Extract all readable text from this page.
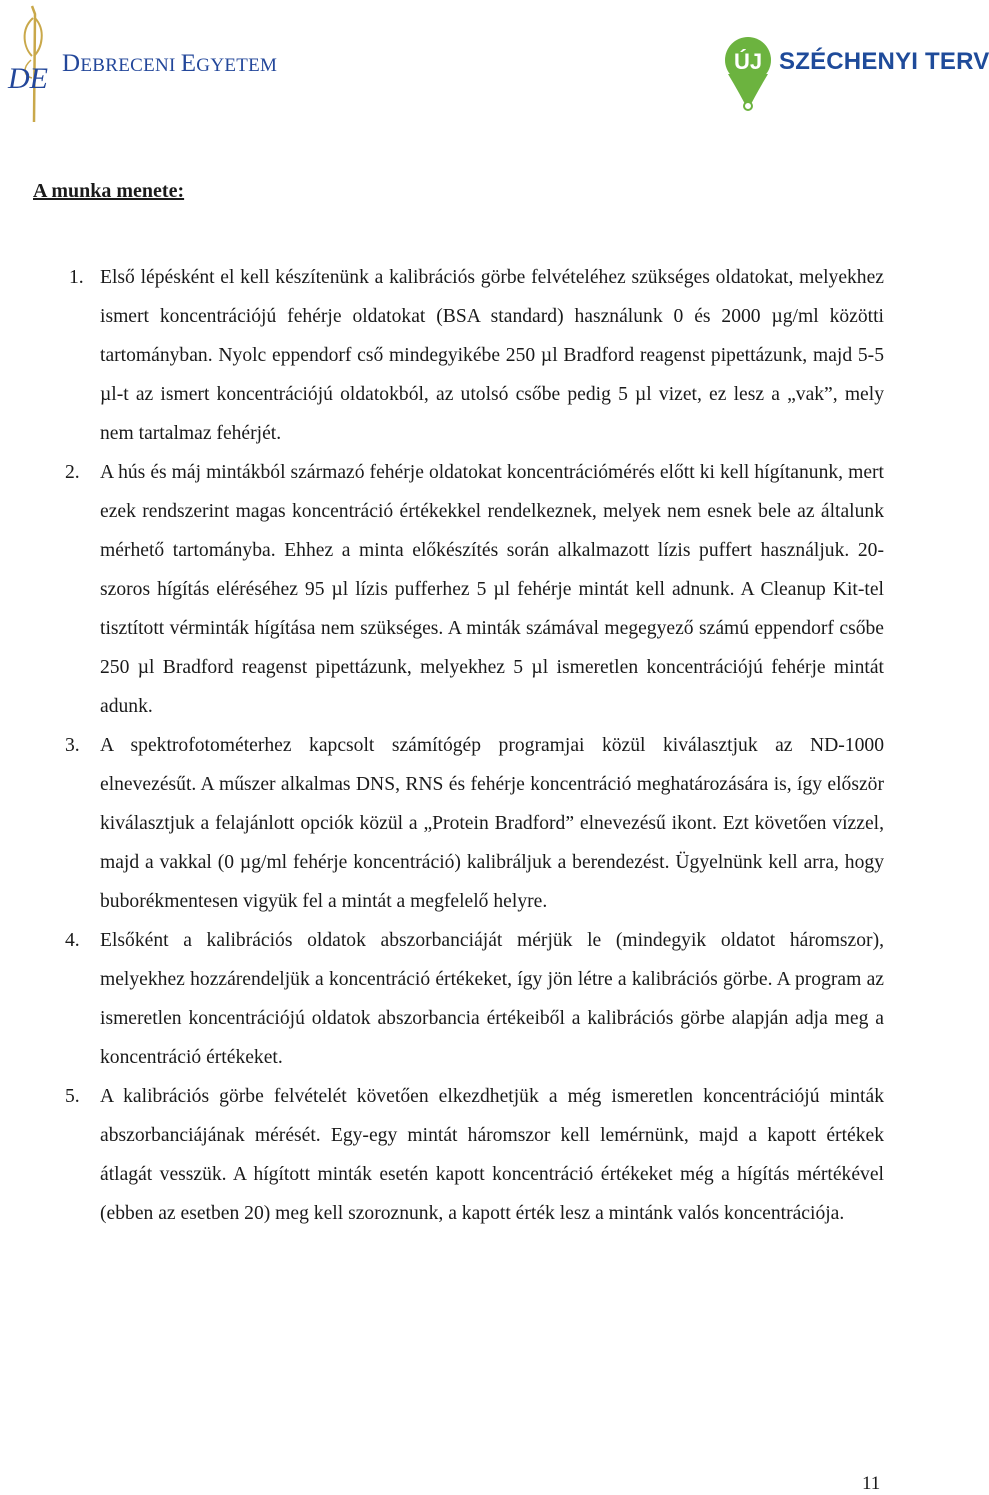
DE DEBRECENI EGYETEM	ÚJ SZÉCHENYI TERV
A munka menete:
1. Első lépésként el kell készítenünk a kalibrációs görbe felvételéhez szükséges oldatokat, melyekhez ismert koncentrációjú fehérje oldatokat (BSA standard) használunk 0 és 2000 µg/ml közötti tartományban. Nyolc eppendorf cső mindegyikébe 250 µl Bradford reagenst pipettázunk, majd 5-5 µl-t az ismert koncentrációjú oldatokból, az utolsó csőbe pedig 5 µl vizet, ez lesz a „vak”, mely nem tartalmaz fehérjét.
2. A hús és máj mintákból származó fehérje oldatokat koncentrációmérés előtt ki kell hígítanunk, mert ezek rendszerint magas koncentráció értékekkel rendelkeznek, melyek nem esnek bele az általunk mérhető tartományba. Ehhez a minta előkészítés során alkalmazott lízis puffert használjuk. 20-szoros hígítás eléréséhez 95 µl lízis pufferhez 5 µl fehérje mintát kell adnunk. A Cleanup Kit-tel tisztított vérminták hígítása nem szükséges. A minták számával megegyező számú eppendorf csőbe 250 µl Bradford reagenst pipettázunk, melyekhez 5 µl ismeretlen koncentrációjú fehérje mintát adunk.
3. A spektrofotométerhez kapcsolt számítógép programjai közül kiválasztjuk az ND-1000 elnevezésűt. A műszer alkalmas DNS, RNS és fehérje koncentráció meghatározására is, így először kiválasztjuk a felajánlott opciók közül a „Protein Bradford” elnevezésű ikont. Ezt követően vízzel, majd a vakkal (0 µg/ml fehérje koncentráció) kalibráljuk a berendezést. Ügyelnünk kell arra, hogy buborékmentesen vigyük fel a mintát a megfelelő helyre.
4. Elsőként a kalibrációs oldatok abszorbanciáját mérjük le (mindegyik oldatot háromszor), melyekhez hozzárendeljük a koncentráció értékeket, így jön létre a kalibrációs görbe. A program az ismeretlen koncentrációjú oldatok abszorbancia értékeiből a kalibrációs görbe alapján adja meg a koncentráció értékeket.
5. A kalibrációs görbe felvételét követően elkezdhetjük a még ismeretlen koncentrációjú minták abszorbanciájának mérését. Egy-egy mintát háromszor kell lemérnünk, majd a kapott értékek átlagát vesszük. A hígított minták esetén kapott koncentráció értékeket még a hígítás mértékével (ebben az esetben 20) meg kell szoroznunk, a kapott érték lesz a mintánk valós koncentrációja.
11
